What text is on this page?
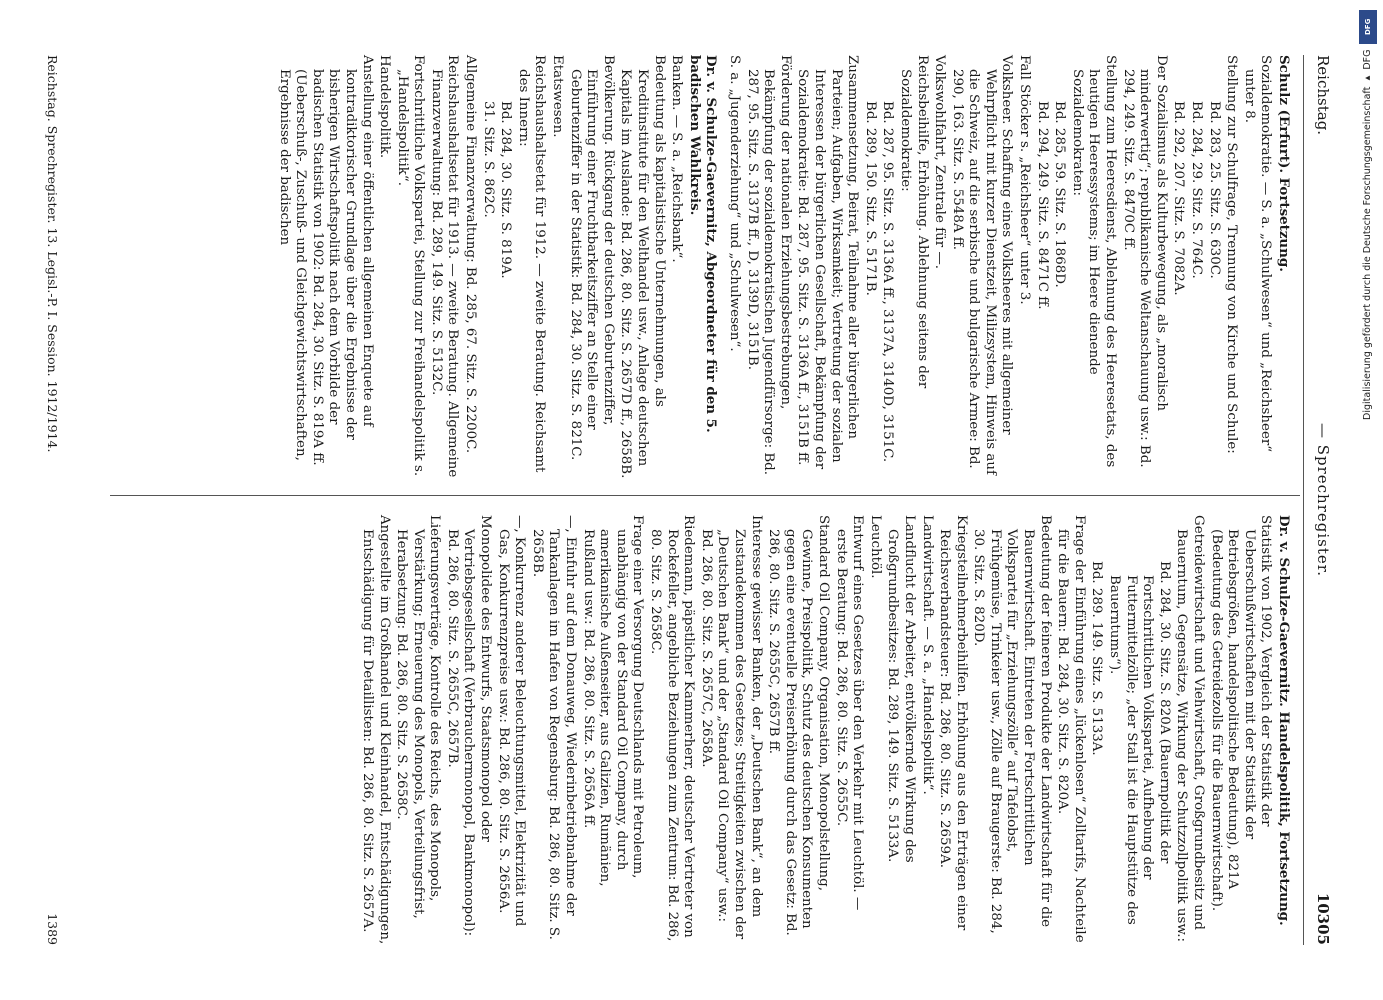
Reichstag.
— Sprechregister.
10305
Schulz (Erfurt). Fortsetzung.
Sozialdemokratie. — S. a. „Schulwesen“ und „Reichsheer“ unter 8.
Stellung zur Schulfrage, Trennung von Kirche und Schule:
Bd. 283, 25. Sitz. S. 630C.
Bd. 284, 29. Sitz. S. 764C.
Bd. 292, 207. Sitz. S. 7082A.
Der Sozialismus als Kulturbewegung, als „moralisch minderwertig“; republikanische Weltanschauung usw.: Bd. 294, 249. Sitz. S. 8470C ff.
Stellung zum Heeresdienst, Ablehnung des Heeresetats, des heutigen Heeressystems; im Heere dienende Sozialdemokraten:
Bd. 285, 59. Sitz. S. 1868D.
Bd. 294, 249. Sitz. S. 8471C ff.
Fall Stöcker s. „Reichsheer“ unter 3.
Volksheer. Schaffung eines Volksheeres mit allgemeiner Wehrpflicht mit kurzer Dienstzeit, Milizsystem, Hinweis auf die Schweiz, auf die serbische und bulgarische Armee: Bd. 290, 163. Sitz. S. 5548A ff.
Volkswohlfahrt, Zentrale für —.
Reichsbeihilfe, Erhöhung. Ablehnung seitens der Sozialdemokratie:
Bd. 287, 95. Sitz. S. 3136A ff., 3137A, 3140D, 3151C.
Bd. 289, 150. Sitz. S. 5171B.
Zusammensetzung, Beirat, Teilnahme aller bürgerlichen Parteien; Aufgaben, Wirksamkeit; Vertretung der sozialen Interessen der bürgerlichen Gesellschaft, Bekämpfung der Sozialdemokratie: Bd. 287, 95. Sitz. S. 3136A ff., 3151B ff.
Förderung der nationalen Erziehungsbestrebungen, Bekämpfung der sozialdemokratischen Jugendfürsorge: Bd. 287, 95. Sitz. S. 3137B ff., D, 3139D, 3151B.
S. a. „Jugenderziehung“ und „Schulwesen“.
Dr. v. Schulze-Gaevernitz, Abgeordneter für den 5. badischen Wahlkreis.
Banken. — S. a. „Reichsbank“.
Bedeutung als kapitalistische Unternehmungen, als Kreditinstitute für den Welthandel usw., Anlage deutschen Kapitals im Auslande: Bd. 286, 80. Sitz. S. 2657D ff., 2658B.
Bevölkerung. Rückgang der deutschen Geburtenziffer, Einführung einer Fruchtbarkeitsziffer an Stelle einer Geburtenziffer in der Statistik: Bd. 284, 30. Sitz. S. 821C.
Etatswesen.
Reichshaushaltsetat für 1912. — zweite Beratung. Reichsamt des Innern:
Bd. 284, 30. Sitz. S. 819A.
31. Sitz. S. 862C.
Allgemeine Finanzverwaltung: Bd. 285, 67. Sitz. S. 2200C.
Reichshaushaltsetat für 1913. — zweite Beratung. Allgemeine Finanzverwaltung: Bd. 289, 149. Sitz. S. 5132C.
Fortschrittliche Volkspartei, Stellung zur Freihandelspolitik s. „Handelspolitik“.
Handelspolitik.
Anstellung einer öffentlichen allgemeinen Enquete auf kontradiktorischer Grundlage über die Ergebnisse der bisherigen Wirtschaftspolitik nach dem Vorbilde der badischen Statistik von 1902: Bd. 284, 30. Sitz. S. 819A ff. (Ueberschuß-, Zuschuß- und Gleichgewichtswirtschaften, Ergebnisse der badischen
Dr. v. Schulze-Gaevernitz. Handelspolitik, Fortsetzung.
Statistik von 1902, Vergleich der Statistik der Ueberschußwirtschaften mit der Statistik der Betriebsgrößen, handelspolitische Bedeutung), 821A (Bedeutung des Getreidezolls für die Bauernwirtschaft).
Getreidewirtschaft und Viehwirtschaft, Großgrundbesitz und Bauerntum, Gegensätze, Wirkung der Schutzzollpolitik usw.:
Bd. 284, 30. Sitz. S. 820A (Bauernpolitik der Fortschrittlichen Volkspartei, Aufhebung der Futtermittelzölle; „der Stall ist die Hauptstütze des Bauerntums“).
Bd. 289. 149. Sitz. S. 5133A.
Frage der Einführung eines „lückenlosen“ Zolltarifs, Nachteile für die Bauern: Bd. 284, 30. Sitz. S. 820A.
Bedeutung der feineren Produkte der Landwirtschaft für die Bauernwirtschaft. Eintreten der Fortschrittlichen Volkspartei für „Erziehungszölle“ auf Tafelobst, Frühgemüse, Trinkeier usw., Zölle auf Braugerste: Bd. 284, 30. Sitz. S. 820D.
Kriegsteilnehmerbeihilfen. Erhöhung aus den Erträgen einer Reichsverbandsteuer: Bd. 286, 80. Sitz. S. 2659A.
Landwirtschaft. — S. a. „Handelspolitik“.
Landflucht der Arbeiter, entvölkernde Wirkung des Großgrundbesitzes: Bd. 289, 149. Sitz. S. 5133A.
Leuchtöl.
Entwurf eines Gesetzes über den Verkehr mit Leuchtöl. — erste Beratung: Bd. 286, 80. Sitz. S. 2655C.
Standard Oil Company, Organisation, Monopolstellung, Gewinne, Preispolitik, Schutz des deutschen Konsumenten gegen eine eventuelle Preiserhöhung durch das Gesetz: Bd. 286, 80. Sitz. S. 2655C, 2657B ff.
Interesse gewisser Banken, der „Deutschen Bank“, an dem Zustandekommen des Gesetzes; Streitigkeiten zwischen der „Deutschen Bank“ und der „Standard Oil Company“ usw.: Bd. 286, 80. Sitz. S. 2657C, 2658A.
Riedemann, päpstlicher Kammerherr, deutscher Vertreter von Rockefeller, angebliche Beziehungen zum Zentrum: Bd. 286, 80. Sitz. S. 2658C.
Frage einer Versorgung Deutschlands mit Petroleum, unabhängig von der Standard Oil Company, durch amerikanische Außenseiter, aus Galizien, Rumänien, Rußland usw.: Bd. 286, 80. Sitz. S. 2656A ff.
—, Einfuhr auf dem Donauweg, Wiederinbetriebnahme der Tankanlagen im Hafen von Regensburg: Bd. 286, 80. Sitz. S. 2658B.
—, Konkurrenz anderer Beleuchtungsmittel, Elektrizität und Gas, Konkurrenzpreise usw.: Bd. 286, 80. Sitz. S. 2656A.
Monopolidee des Entwurfs, Staatsmonopol oder Vertriebsgesellschaft (Verbrauchermonopol, Bankmonopol): Bd. 286, 80. Sitz. S. 2655C, 2657B.
Lieferungsverträge, Kontrolle des Reichs, des Monopols, Verstärkung; Erneuerung des Monopols, Verteilungsfrist, Herabsetzung: Bd. 286, 80. Sitz. S. 2658C.
Angestellte im Großhandel und Kleinhandel, Entschädigungen, Entschädigung für Detaillisten: Bd. 286, 80. Sitz. S. 2657A.
Reichstag. Sprechregister. 13. Legisl.-P. I. Session. 1912/1914.
1389
DFG
Digitalisierung gefördert durch die Deutsche Forschungsgemeinschaft ▸ DFG
